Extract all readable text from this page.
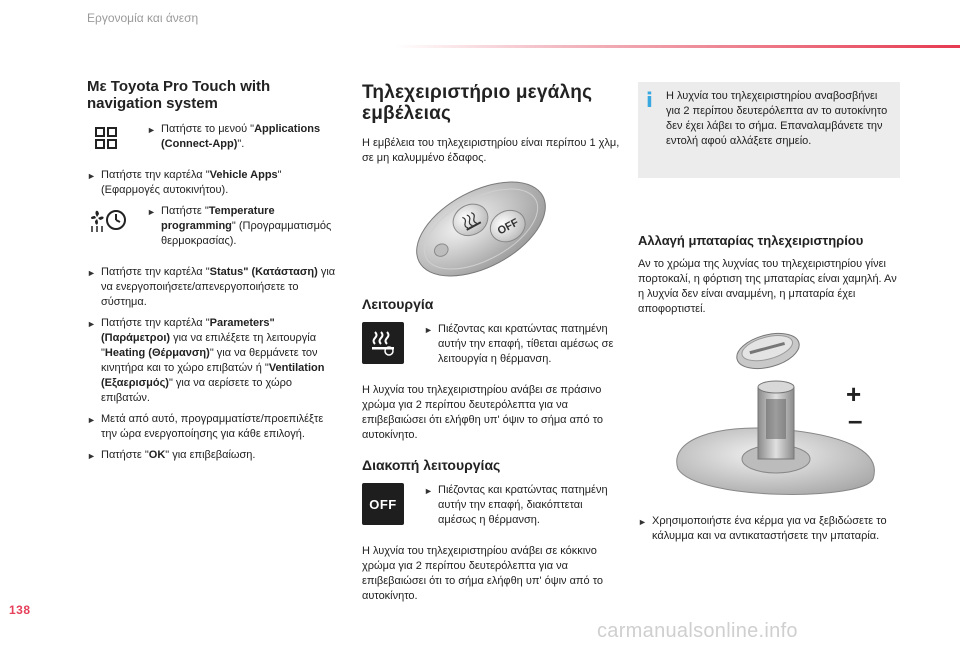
Εργονομία και άνεση
Με Toyota Pro Touch with navigation system
► Πατήστε το μενού "Applications (Connect-App)".
► Πατήστε την καρτέλα "Vehicle Apps" (Εφαρμογές αυτοκινήτου).
► Πατήστε "Temperature programming" (Προγραμματισμός θερμοκρασίας).
► Πατήστε την καρτέλα "Status" (Κατάσταση) για να ενεργοποιήσετε/απενεργοποιήσετε το σύστημα.
► Πατήστε την καρτέλα "Parameters" (Παράμετροι) για να επιλέξετε τη λειτουργία "Heating (Θέρμανση)" για να θερμάνετε τον κινητήρα και το χώρο επιβατών ή "Ventilation (Εξαερισμός)" για να αερίσετε το χώρο επιβατών.
► Μετά από αυτό, προγραμματίστε/προεπιλέξτε την ώρα ενεργοποίησης για κάθε επιλογή.
► Πατήστε "OK" για επιβεβαίωση.
Τηλεχειριστήριο μεγάλης εμβέλειας

Η εμβέλεια του τηλεχειριστηρίου είναι περίπου 1 χλμ, σε μη καλυμμένο έδαφος.

OFF
Λειτουργία
► Πιέζοντας και κρατώντας πατημένη αυτήν την επαφή, τίθεται αμέσως σε λειτουργία η θέρμανση.

Η λυχνία του τηλεχειριστηρίου ανάβει σε πράσινο χρώμα για 2 περίπου δευτερόλεπτα για να επιβεβαιώσει ότι ελήφθη υπ' όψιν το σήμα από το αυτοκίνητο.

Διακοπή λειτουργίας
OFF
► Πιέζοντας και κρατώντας πατημένη αυτήν την επαφή, διακόπτεται αμέσως η θέρμανση.

Η λυχνία του τηλεχειριστηρίου ανάβει σε κόκκινο χρώμα για 2 περίπου δευτερόλεπτα για να επιβεβαιώσει ότι το σήμα ελήφθη υπ' όψιν από το αυτοκίνητο.

i Η λυχνία του τηλεχειριστηρίου αναβοσβήνει για 2 περίπου δευτερόλεπτα αν το αυτοκίνητο δεν έχει λάβει το σήμα. Επαναλαμβάνετε την εντολή αφού αλλάξετε σημείο.
Αλλαγή μπαταρίας τηλεχειριστηρίου

Αν το χρώμα της λυχνίας του τηλεχειριστηρίου γίνει πορτοκαλί, η φόρτιση της μπαταρίας είναι χαμηλή. Αν η λυχνία δεν είναι αναμμένη, η μπαταρία έχει αποφορτιστεί.

+
–
► Χρησιμοποιήστε ένα κέρμα για να ξεβιδώσετε το κάλυμμα και να αντικαταστήσετε την μπαταρία.
138
carmanualsonline.info
